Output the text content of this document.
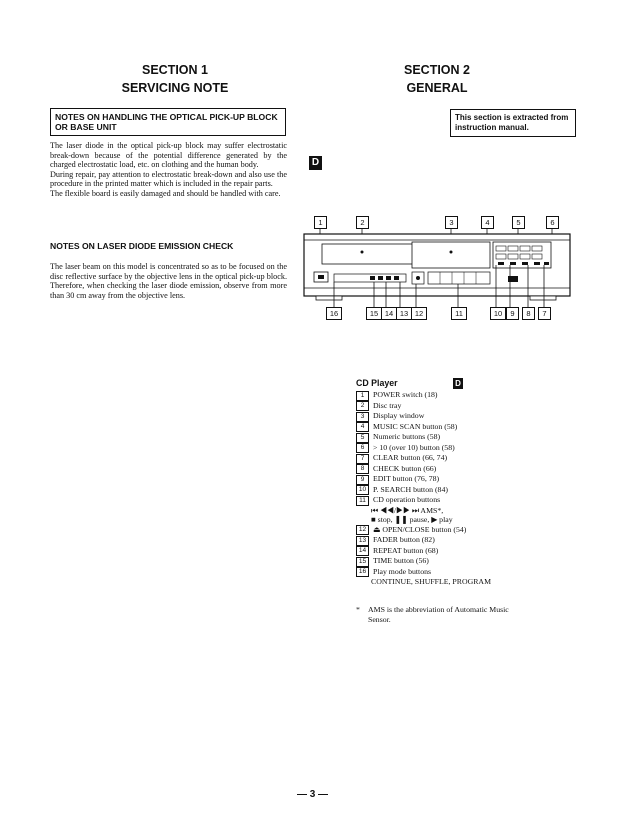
SECTION 1
SERVICING NOTE
NOTES ON HANDLING THE OPTICAL PICK-UP BLOCK OR BASE UNIT
The laser diode in the optical pick-up block may suffer electrostatic break-down because of the potential difference generated by the charged electrostatic load, etc. on clothing and the human body.
During repair, pay attention to electrostatic break-down and also use the procedure in the printed matter which is included in the repair parts.
The flexible board is easily damaged and should be handled with care.
NOTES ON LASER DIODE EMISSION CHECK
The laser beam on this model is concentrated so as to be focused on the disc reflective surface by the objective lens in the optical pick-up block. Therefore, when checking the laser diode emission, observe from more than 30 cm away from the objective lens.
SECTION 2
GENERAL
This section is extracted from instruction manual.
D
1	2	3	4	5	6
16	15 14 13 12	11	10	9	8	7
CD Player	D
1	POWER switch (18)
2	Disc tray
3	Display window
4	MUSIC SCAN button (58)
5	Numeric buttons (58)
6	> 10 (over 10) button (58)
7	CLEAR button (66, 74)
8	CHECK button (66)
9	EDIT button (76, 78)
10 P. SEARCH button (84)
11 CD operation buttons
⏮ ◀◀/▶▶ ⏭ AMS*,
■ stop, ❚❚ pause, ▶ play
12 ⏏ OPEN/CLOSE button (54)
13 FADER button (82)
14 REPEAT button (68)
15 TIME button (56)
16 Play mode buttons
CONTINUE, SHUFFLE, PROGRAM
*	AMS is the abbreviation of Automatic Music Sensor.
— 3 —
